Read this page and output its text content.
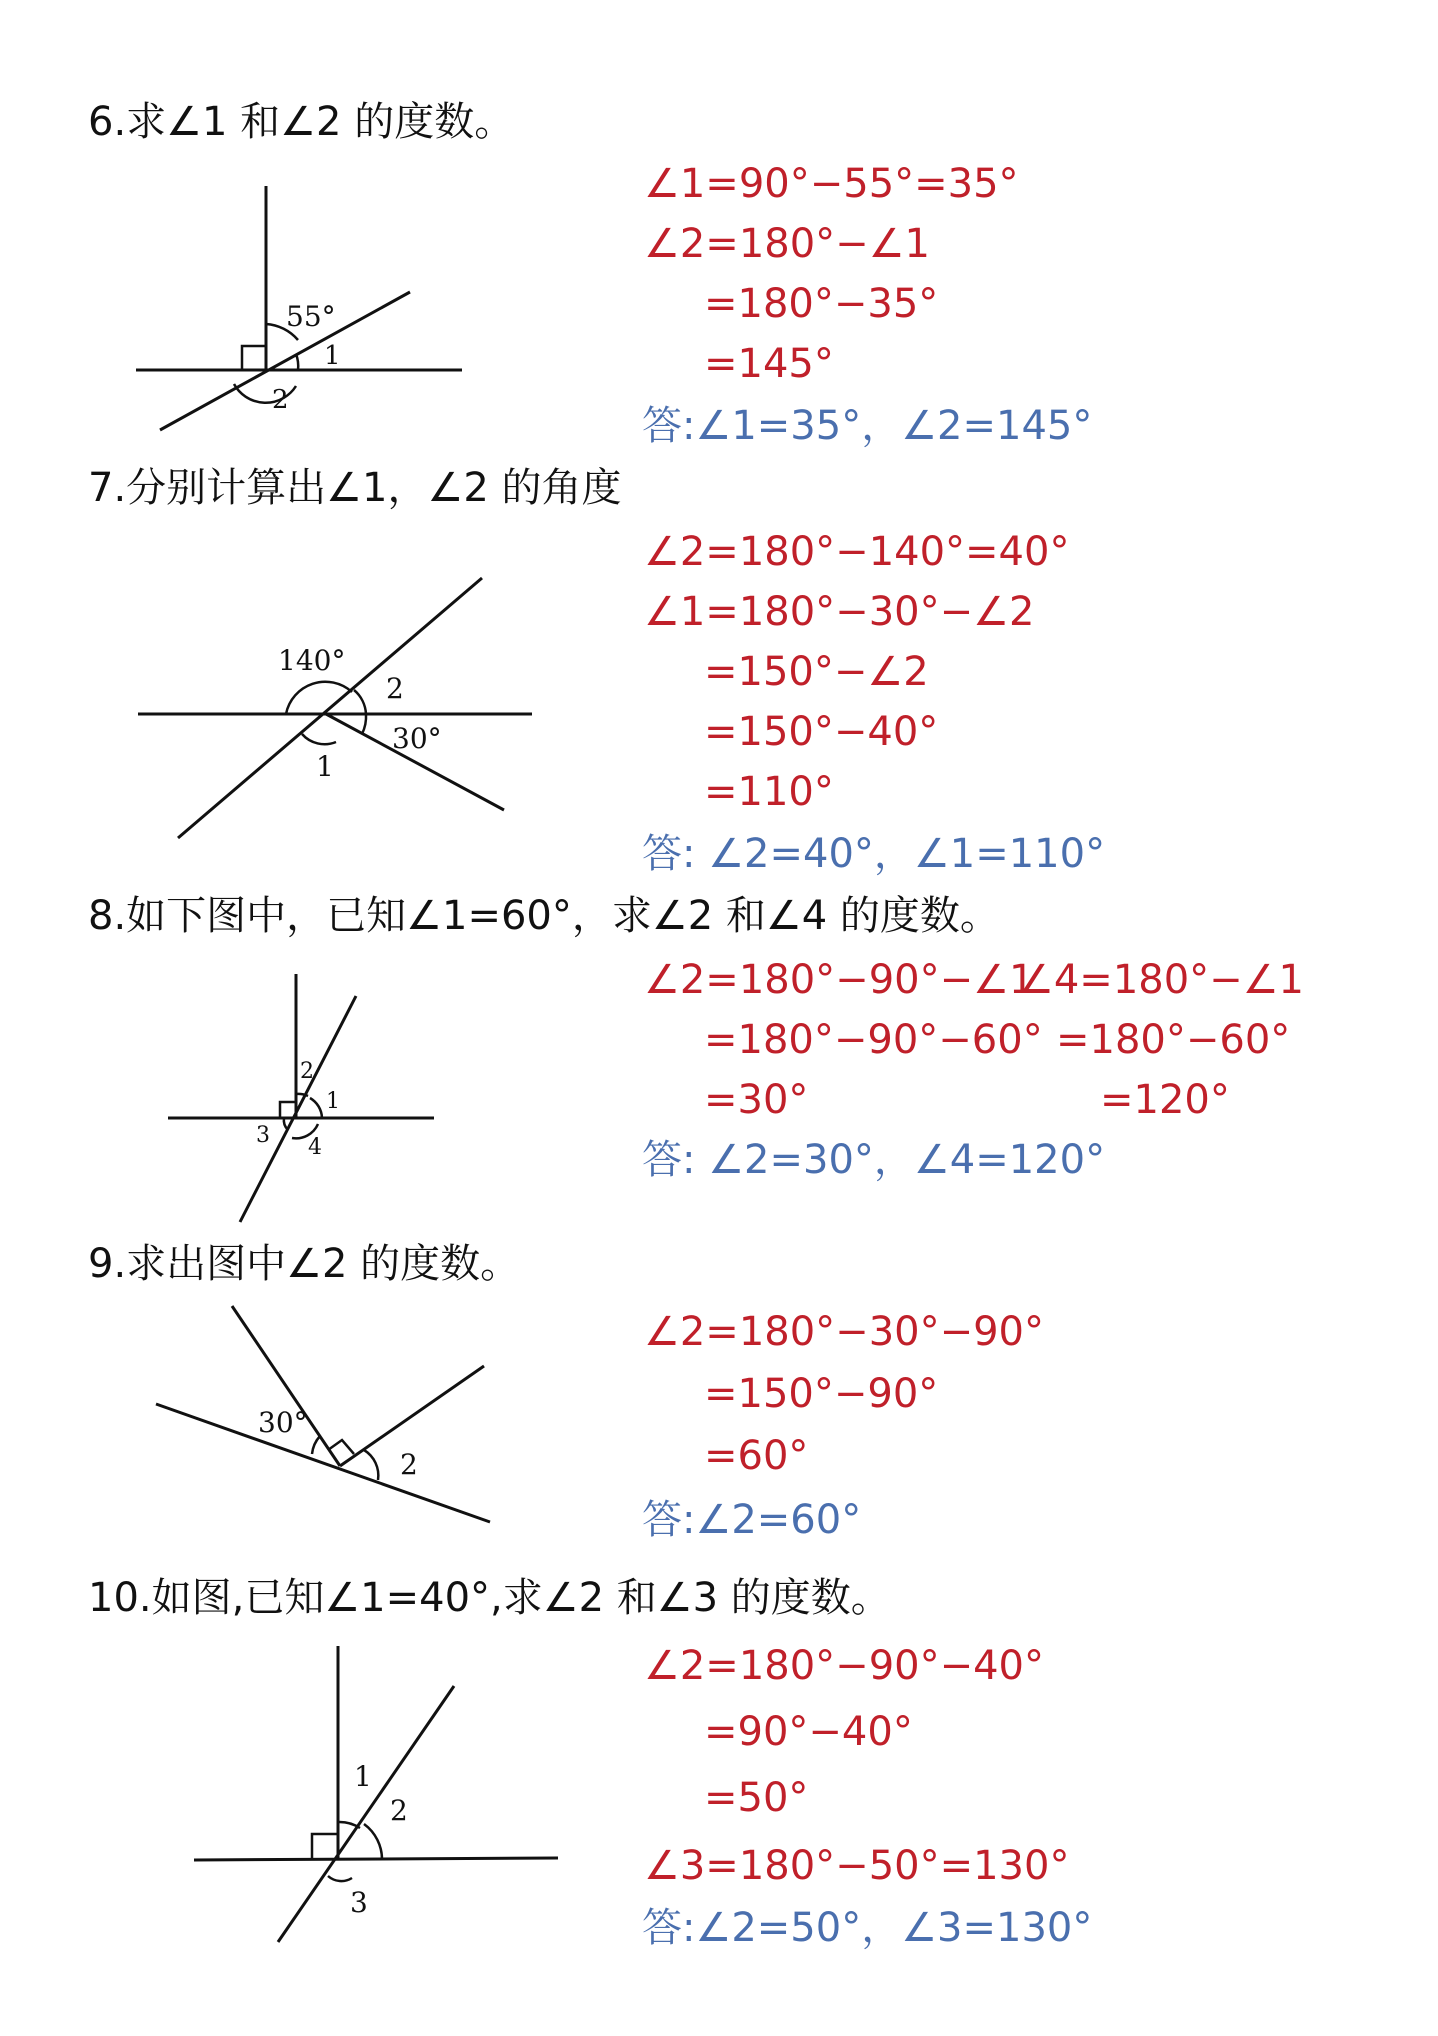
6.求∠1 和∠2 的度数。
55°
1
2
∠1=90°−55°=35°
∠2=180°−∠1
=180°−35°
=145°
答:∠1=35°，∠2=145°
7.分别计算出∠1，∠2 的角度
140°
2
30°
1
∠2=180°−140°=40°
∠1=180°−30°−∠2
=150°−∠2
=150°−40°
=110°
答: ∠2=40°，∠1=110°
8.如下图中，已知∠1=60°，求∠2 和∠4 的度数。
2
1
3 4
∠2=180°−90°−∠1
=180°−90°−60°
=30°
∠4=180°−∠1
=180°−60°
=120°
答: ∠2=30°，∠4=120°
9.求出图中∠2 的度数。
30°
2
∠2=180°−30°−90°
=150°−90°
=60°
答:∠2=60°
10.如图,已知∠1=40°,求∠2 和∠3 的度数。
1
2
3
∠2=180°−90°−40°
=90°−40°
=50°
∠3=180°−50°=130°
答:∠2=50°，∠3=130°
